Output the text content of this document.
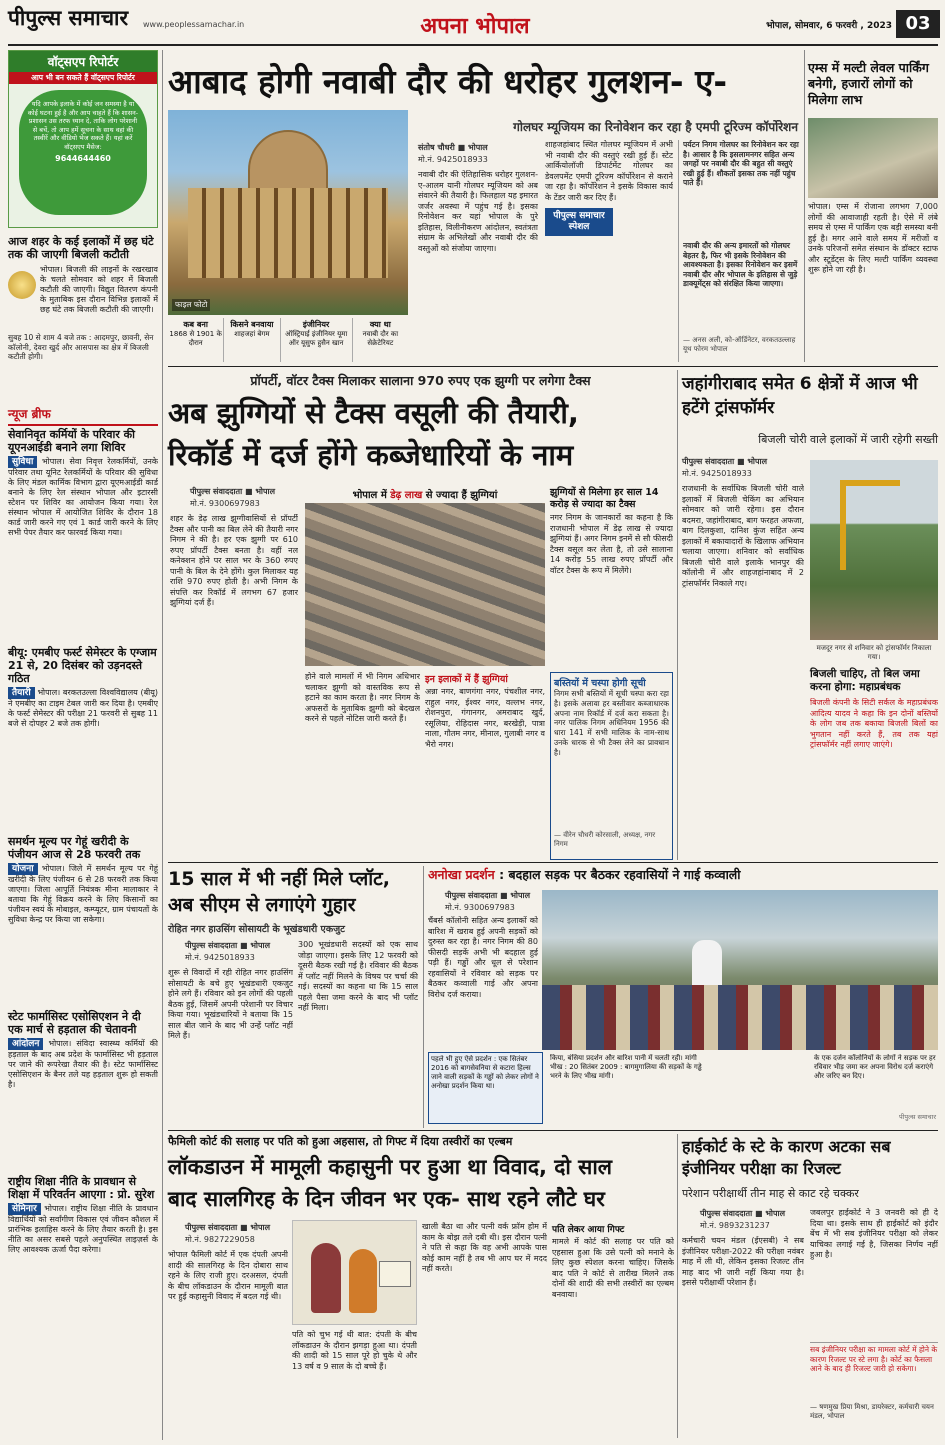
पीपुल्स समाचार	www.peoplessamachar.in	अपना भोपाल	भोपाल, सोमवार, 6 फरवरी , 2023 03
वॉट्सएप रिपोर्टर
आप भी बन सकते हैं वॉट्सएप रिपोर्टर
यदि आपके इलाके में कोई जन समस्या है या कोई घटना हुई है और आप चाहते हैं कि शासन-प्रशासन उस तरफ ध्यान दे, ताकि लोग परेशानी से बचें, तो आप हमें सूचना के साथ वहां की तस्वीरें और वीडियो भेज सकते हैं। यहां करें वॉट्सएप मैसेज:
9644644460
आज शहर के कई इलाकों में छह घंटे तक की जाएगी बिजली कटौती
भोपाल। बिजली की लाइनों के रखरखाव के चलते सोमवार को शहर में बिजली कटौती की जाएगी। विद्युत वितरण कंपनी के मुताबिक इस दौरान विभिन्न इलाकों में छह घंटे तक बिजली कटौती की जाएगी।
सुबह 10 से शाम 4 बजे तक : आदमपुर, छावनी, सेन कॉलोनी, देवरा खुर्द और आसपास का क्षेत्र में बिजली कटौती होगी।
न्यूज ब्रीफ
सेवानिवृत कर्मियों के परिवार की यूएनआईडी बनाने लगा शिविर
सुविधा भोपाल। सेवा निवृत्त रेलकर्मियों, उनके परिवार तथा यूनिट रेलकर्मियों के परिवार की सुविधा के लिए मंडल कार्मिक विभाग द्वारा यूएमआईडी कार्ड बनाने के लिए रेल संस्थान भोपाल और इटारसी स्टेशन पर शिविर का आयोजन किया गया। रेल संस्थान भोपाल में आयोजित शिविर के दौरान 18 कार्ड जारी करने गए एवं 1 कार्ड जारी करने के लिए सभी पेपर तैयार कर फारवर्ड किया गया।
बीयू: एमबीए फर्स्ट सेमेस्टर के एग्जाम 21 से, 20 दिसंबर को उड़नदस्ते गठित
तैयारी भोपाल। बरकतउल्ला विश्वविद्यालय (बीयू) ने एमबीए का टाइम टेबल जारी कर दिया है। एमबीए के फर्स्ट सेमेस्टर की परीक्षा 21 फरवरी से सुबह 11 बजे से दोपहर 2 बजे तक होगी।
समर्थन मूल्य पर गेहूं खरीदी के पंजीयन आज से 28 फरवरी तक
योजना भोपाल। जिले में समर्थन मूल्य पर गेहूं खरीदी के लिए पंजीयन 6 से 28 फरवरी तक किया जाएगा। जिला आपूर्ति नियंत्रक मीना मालाकार ने बताया कि गेहूं विक्रय करने के लिए किसानों का पंजीयन स्वयं के मोबाइल, कम्प्यूटर, ग्राम पंचायतों के सुविधा केन्द्र पर किया जा सकेगा।
स्टेट फार्मासिस्ट एसोसिएशन ने दी एक मार्च से हड़ताल की चेतावनी
आंदोलन भोपाल। संविदा स्वास्थ्य कर्मियों की हड़ताल के बाद अब प्रदेश के फार्मासिस्ट भी हड़ताल पर जाने की रूपरेखा तैयार की है। स्टेट फार्मासिस्ट एसोसिएशन के बैनर तले यह हड़ताल शुरू हो सकती है।
राष्ट्रीय शिक्षा नीति के प्रावधान से शिक्षा में परिवर्तन आएगा : प्रो. सुरेश
सेमिनार भोपाल। राष्ट्रीय शिक्षा नीति के प्रावधान विद्यार्थियों को सर्वांगीण विकास एवं जीवन कौशल में प्रारंभिक इलाहिस करने के लिए तैयार करती है। इस नीति का असर सबसे पहले अनुपस्थित लाइज़र्स के लिए आवश्यक ऊर्जा पैदा करेगा।
आबाद होगी नवाबी दौर की धरोहर गुलशन- ए-
फाइल फोटो
कब बना
1868 से 1901 के दौरान
किसने बनवाया
शाहजहां बेगम
इंजीनियर
ऑस्ट्रियाई इंजीनियर यूमा ऑर यूसुफ हुसैन खान
क्या था
नवाबी दौर का सेक्रेटेरियट
गोलघर म्यूजियम का रिनोवेशन कर रहा है एमपी टूरिज्म कॉर्पोरेशन
संतोष चौधरी ■ भोपाल
मो.नं. 9425018933
नवाबी दौर की ऐतिहासिक धरोहर गुलशन- ए-आलम यानी गोलघर म्यूजियम को अब संवारने की तैयारी है। फिलहाल यह इमारत जर्जर अवस्था में पहुंच गई है। इसका रिनोवेशन कर यहां भोपाल के पुरे इतिहास, विलीनीकरण आंदोलन, स्वतंत्रता संग्राम के अभिलेखों और नवाबी दौर की वस्तुओं को संजोया जाएगा।
पीपुल्स समाचार स्पेशल
शाहजहांबाद स्थित गोलघर म्यूजियम में अभी भी नवाबी दौर की वस्तुएं रखी हुई हैं। स्टेट आर्कियोलॉजी डिपार्टमेंट गोलघर का डेवलपमेंट एमपी टूरिज्म कॉर्पोरेशन से कराने जा रहा है। कॉर्पोरेशन ने इसके विकास कार्य के टेंडर जारी कर दिए हैं।
पर्यटन निगम गोलघर का रिनोवेशन कर रहा है। आसार है कि इसलामनगर सहित अन्य जगहों पर नवाबी दौर की बहुत सी वस्तुएं रखी हुई हैं। शौकतों इसका तक नहीं पहुंच पाते हैं।
नवाबी दौर की अन्य इमारतों को गोलघर बेहतर है, फिर भी इसके रिनोवेशन की आवश्यकता है। इसका रिनोवेशन कर इसमें नवाबी दौर और भोपाल के इतिहास से जुड़े डाक्यूमेंट्स को संरक्षित किया जाएगा।
— अनस अली, को-ऑर्डिनेटर, वरकतउल्लाह यूथ फोरम भोपाल
एम्स में मल्टी लेवल पार्किंग बनेगी, हजारों लोगों को मिलेगा लाभ
भोपाल। एम्स में रोजाना लगभग 7,000 लोगों की आवाजाही रहती है। ऐसे में लंबे समय से एम्स में पार्किंग एक बड़ी समस्या बनी हुई है। मगर आने वाले समय में मरीजों व उनके परिजनों समेत संस्थान के डॉक्टर स्टाफ और स्टूडेंट्स के लिए मल्टी पार्किंग व्यवस्था शुरू होने जा रही है।
प्रॉपर्टी, वॉटर टैक्स मिलाकर सालाना 970 रुपए एक झुग्गी पर लगेगा टैक्स
अब झुग्गियों से टैक्स वसूली की तैयारी,
रिकॉर्ड में दर्ज होंगे कब्जेधारियों के नाम
पीपुल्स संवाददाता ■ भोपाल
मो.नं. 9300697983
शहर के डेढ़ लाख झुग्गीवासियों से प्रॉपर्टी टैक्स और पानी का बिल लेने की तैयारी नगर निगम ने की है। हर एक झुग्गी पर 610 रुपए प्रॉपर्टी टैक्स बनता है। वहीं नल कनेक्शन होने पर साल भर के 360 रुपए पानी के बिल के देने होंगे। कुल मिलाकर यह राशि 970 रुपए होती है। अभी निगम के संपत्ति कर रिकॉर्ड में लगभग 67 हजार झुग्गियां दर्ज हैं।
भोपाल में डेढ़ लाख से ज्यादा हैं झुग्गियां
होने वाले मामलों में भी निगम अधिभार चलाकर झुग्गी को वास्तविक रूप से हटाने का काम करता है। नगर निगम के अफसरों के मुताबिक झुग्गी को बेदखल करने से पहले नोटिस जारी करते हैं।
इन इलाकों में हैं झुग्गियां
अन्ना नगर, बाणगंगा नगर, पंचशील नगर, राहुल नगर, ईश्वर नगर, वल्लभ नगर, रोशनपुरा, गंगानगर, अमराबाद खुर्द, रसूलिया, रोहिदास नगर, बरखेड़ी, पात्रा नाला, गौतम नगर, मीनाल, गुलाबी नगर व भैरो नगर।
झुग्गियों से मिलेगा हर साल 14 करोड़ से ज्यादा का टैक्स
नगर निगम के जानकारों का कहना है कि राजधानी भोपाल में डेढ़ लाख से ज्यादा झुग्गियां हैं। अगर निगम इनमें से सौ फीसदी टैक्स वसूल कर लेता है, तो उसे सालाना 14 करोड़ 55 लाख रुपए प्रॉपर्टी और वॉटर टैक्स के रूप में मिलेंगे।
बस्तियों में चस्पा होगी सूची
निगम सभी बस्तियों में सूची चस्पा करा रहा है। इसके अलावा हर बस्तीवार कब्जाधारक अपना नाम रिकॉर्ड में दर्ज करा सकता है। नगर पालिक निगम अधिनियम 1956 की धारा 141 में सभी मालिक के नाम-साथ उनके धारक से भी टैक्स लेने का प्रावधान है।
— वीरेन चौधरी कोरसाली, अध्यक्ष, नगर निगम
जहांगीराबाद समेत 6 क्षेत्रों में आज भी हटेंगे ट्रांसफॉर्मर
बिजली चोरी वाले इलाकों में जारी रहेगी सख्ती
पीपुल्स संवाददाता ■ भोपाल
मो.नं. 9425018933
राजधानी के सर्वाधिक बिजली चोरी वाले इलाकों में बिजली चेकिंग का अभियान सोमवार को जारी रहेगा। इस दौरान बदमरा, जहांगीराबाद, बाग फरहत अफजा, बाग दिलकुशा, दानिश कुंज सहित अन्य इलाकों में बकायादारों के खिलाफ अभियान चलाया जाएगा। शनिवार को सर्वाधिक बिजली चोरी वाले इलाके भानपुर की कॉलोनी में और शाहजहांनाबाद में 2 ट्रांसफॉर्मर निकाले गए।
मजदूर नगर से शनिवार को ट्रांसफॉर्मर निकाला गया।
बिजली चाहिए, तो बिल जमा करना होगा: महाप्रबंधक
बिजली कंपनी के सिटी सर्कल के महाप्रबंधक आदित्य यादव ने कहा कि इन दोनों बस्तियों के लोग जब तक बकाया बिजली बिलों का भुगतान नहीं करते हैं, तब तक यहां ट्रांसफॉर्मर नहीं लगाए जाएंगे।
15 साल में भी नहीं मिले प्लॉट,
अब सीएम से लगाएंगे गुहार
रोहित नगर हाउसिंग सोसायटी के भूखंडधारी एकजुट
पीपुल्स संवाददाता ■ भोपाल
मो.नं. 9425018933
शुरू से विवादों में रही रोहित नगर हाउसिंग सोसायटी के बचे हुए भूखंडधारी एकजुट होने लगे हैं। रविवार को इन लोगों की पहली बैठक हुई, जिसमें अपनी परेशानी पर विचार किया गया। भूखंडधारियों ने बताया कि 15 साल बीत जाने के बाद भी उन्हें प्लॉट नहीं मिले हैं।
300 भूखंडधारी सदस्यों को एक साथ जोड़ा जाएगा। इसके लिए 12 फरवरी को दूसरी बैठक रखी गई है। रविवार की बैठक में प्लॉट नहीं मिलने के विषय पर चर्चा की गई। सदस्यों का कहना था कि 15 साल पहले पैसा जमा करने के बाद भी प्लॉट नहीं मिला।
अनोखा प्रदर्शन : बदहाल सड़क पर बैठकर रहवासियों ने गाई कव्वाली
पीपुल्स संवाददाता ■ भोपाल
मो.नं. 9300697983
चैंबर्स कॉलोनी सहित अन्य इलाकों को बारिश में खराब हुई अपनी सड़कों को दुरुस्त कर रहा है। नगर निगम की 80 फीसदी सड़कें अभी भी बदहाल हुई पड़ी हैं। गड्ढों और धूल से परेशान रहवासियों ने रविवार को सड़क पर बैठकर कव्वाली गाई और अपना विरोध दर्ज कराया।
पहले भी हुए ऐसे प्रदर्शन : एक सितंबर 2016 को बागसेवनिया से कटारा हिल्स जाने वाली सड़कों के गड्ढों को लेकर लोगों ने अनोखा प्रदर्शन किया था।
किया, बंसिया प्रदर्शन और बारिश पानी में चलती रही। मांगी भीख : 20 सितंबर 2009 : बागमुगालिया की सड़कों के गड्ढे भरने के लिए भीख मांगी।
के एक दर्जन कॉलोनियों के लोगों ने सड़क पर हर रविवार भीड़ जमा कर अपना विरोध दर्ज कराएंगे और जरिए बन दिए।
पीपुल्स समाचार
फैमिली कोर्ट की सलाह पर पति को हुआ अहसास, तो गिफ्ट में दिया तस्वीरों का एल्बम
लॉकडाउन में मामूली कहासुनी पर हुआ था विवाद, दो साल
बाद सालगिरह के दिन जीवन भर एक- साथ रहने लौटे घर
पीपुल्स संवाददाता ■ भोपाल
मो.नं. 9827229058
भोपाल फैमिली कोर्ट में एक दंपती अपनी शादी की सालगिरह के दिन दोबारा साथ रहने के लिए राजी हुए। दरअसल, दंपती के बीच लॉकडाउन के दौरान मामूली बात पर हुई कहासुनी विवाद में बदल गई थी।
पति को चुभ गई थी बात: दंपती के बीच लॉकडाउन के दौरान झगड़ा हुआ था। दंपती की शादी को 15 साल पूरे हो चुके थे और 13 वर्ष व 9 साल के दो बच्चे हैं।
खाली बैठा था और पत्नी वर्क फ्रॉम होम में काम के बोझ तले दबी थी। इस दौरान पत्नी ने पति से कहा कि वह अभी आपके पास कोई काम नहीं है तब भी आप घर में मदद नहीं करते।
पति लेकर आया गिफ्ट
मामले में कोर्ट की सलाह पर पति को एहसास हुआ कि उसे पत्नी को मनाने के लिए कुछ स्पेशल करना चाहिए। जिसके बाद पति ने कोर्ट से तारीख मिलने तक दोनों की शादी की सभी तस्वीरों का एल्बम बनवाया।
हाईकोर्ट के स्टे के कारण अटका सब इंजीनियर परीक्षा का रिजल्ट
परेशान परीक्षार्थी तीन माह से काट रहे चक्कर
पीपुल्स संवाददाता ■ भोपाल
मो.नं. 9893231237
कर्मचारी चयन मंडल (ईएसबी) ने सब इंजीनियर परीक्षा-2022 की परीक्षा नवंबर माह में ली थी, लेकिन इसका रिजल्ट तीन माह बाद भी जारी नहीं किया गया है। इससे परीक्षार्थी परेशान हैं।
जबलपुर हाईकोर्ट ने 3 जनवरी को ही दे दिया था। इसके साथ ही हाईकोर्ट को इंदौर बेंच में भी सब इंजीनियर परीक्षा को लेकर याचिका लगाई गई है, जिसका निर्णय नहीं हुआ है।
सब इंजीनियर परीक्षा का मामला कोर्ट में होने के कारण रिजल्ट पर स्टे लगा है। कोर्ट का फैसला आने के बाद ही रिजल्ट जारी हो सकेगा।
— षणमुख प्रिया मिश्रा, डायरेक्टर, कर्मचारी चयन मंडल, भोपाल
